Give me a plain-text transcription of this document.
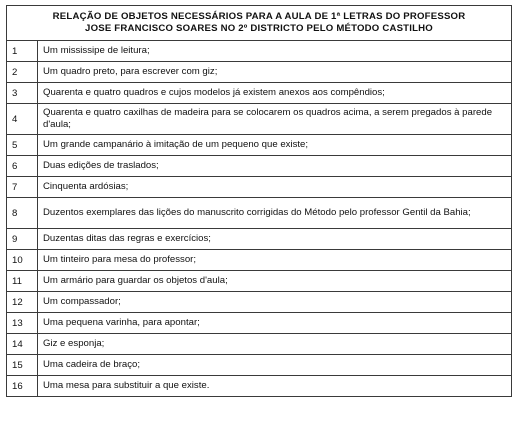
RELAÇÃO DE OBJETOS NECESSÁRIOS PARA A AULA DE 1ª LETRAS DO PROFESSOR
JOSE FRANCISCO SOARES NO 2º DISTRICTO PELO MÉTODO CASTILHO	

1	Um mississipe de leitura;
2	Um quadro preto, para escrever com giz;
3	Quarenta e quatro quadros e cujos modelos já existem anexos aos compêndios;
4	Quarenta e quatro caxilhas de madeira para se colocarem os quadros acima, a serem pregados à parede d'aula;
5	Um grande campanário à imitação de um pequeno que existe;
6	Duas edições de traslados;
7	Cinquenta ardósias;
8	Duzentos exemplares das lições do manuscrito corrigidas do Método pelo professor Gentil da Bahia;
9	Duzentas ditas das regras e exercícios;
10	Um tinteiro para mesa do professor;
11	Um armário para guardar os objetos d'aula;
12	Um compassador;
13	Uma pequena varinha, para apontar;
14	Giz e esponja;
15	Uma cadeira de braço;
16	Uma mesa para substituir a que existe.
